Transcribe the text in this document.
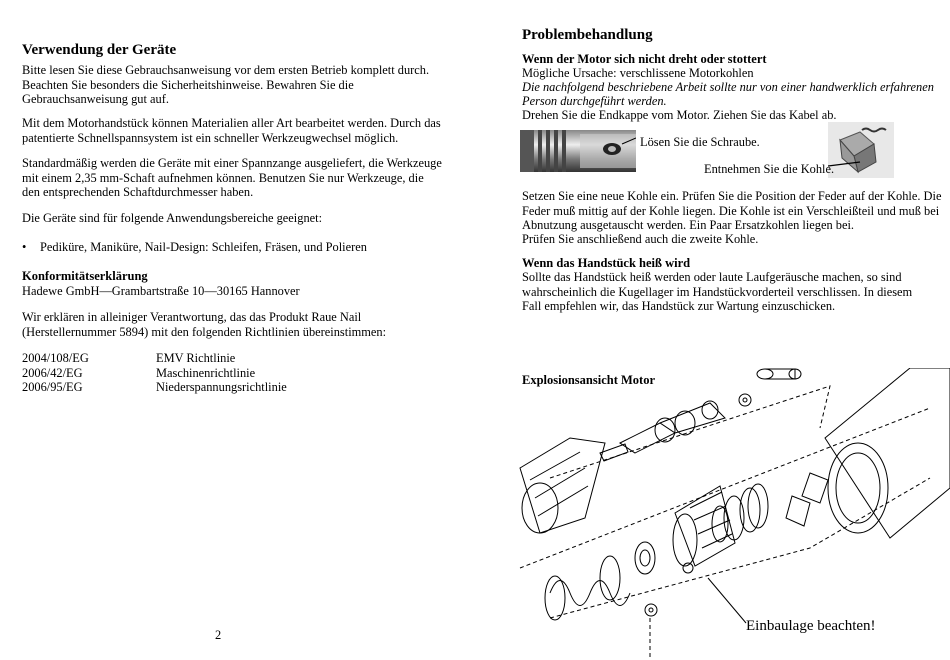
Verwendung der Geräte

Bitte lesen Sie diese Gebrauchsanweisung vor dem ersten Betrieb komplett durch. Beachten Sie besonders die Sicherheitshinweise. Bewahren Sie die Gebrauchsanweisung gut auf.

Mit dem Motorhandstück können Materialien aller Art bearbeitet werden. Durch das patentierte Schnellspannsystem ist ein schneller Werkzeugwechsel möglich.

Standardmäßig werden die Geräte mit einer Spannzange ausgeliefert, die Werkzeuge mit einem 2,35 mm-Schaft aufnehmen können. Benutzen Sie nur Werkzeuge, die den entsprechenden Schaftdurchmesser haben.

Die Geräte sind für folgende Anwendungsbereiche geeignet:

• Pediküre, Maniküre, Nail-Design: Schleifen, Fräsen, und Polieren
Konformitätserklärung

Hadewe GmbH—Grambartstraße 10—30165 Hannover

Wir erklären in alleiniger Verantwortung, das das Produkt Raue Nail (Herstellernummer 5894) mit den folgenden Richtlinien übereinstimmen:

2004/108/EG	EMV Richtlinie
2006/42/EG	Maschinenrichtlinie
2006/95/EG	Niederspannungsrichtlinie
2
Problembehandlung
Wenn der Motor sich nicht dreht oder stottert

Mögliche Ursache: verschlissene Motorkohlen

Die nachfolgend beschriebene Arbeit sollte nur von einer handwerklich erfahrenen

Person durchgeführt werden.

Drehen Sie die Endkappe vom Motor. Ziehen Sie das Kabel ab.

Setzen Sie eine neue Kohle ein. Prüfen Sie die Position der Feder auf der Kohle. Die Feder muß mittig auf der Kohle liegen. Die Kohle ist ein Verschleißteil und muß bei Abnutzung ausgetauscht werden. Ein Paar Ersatzkohlen liegen bei.

Prüfen Sie anschließend auch die zweite Kohle.

Wenn das Handstück heiß wird

Sollte das Handstück heiß werden oder laute Laufgeräusche machen, so sind wahrscheinlich die Kugellager im Handstückvorderteil verschlissen. In diesem Fall empfehlen wir, das Handstück zur Wartung einzuschicken.

Explosionsansicht Motor
Lösen Sie die Schraube.
Entnehmen Sie die Kohle.
Einbaulage beachten!
